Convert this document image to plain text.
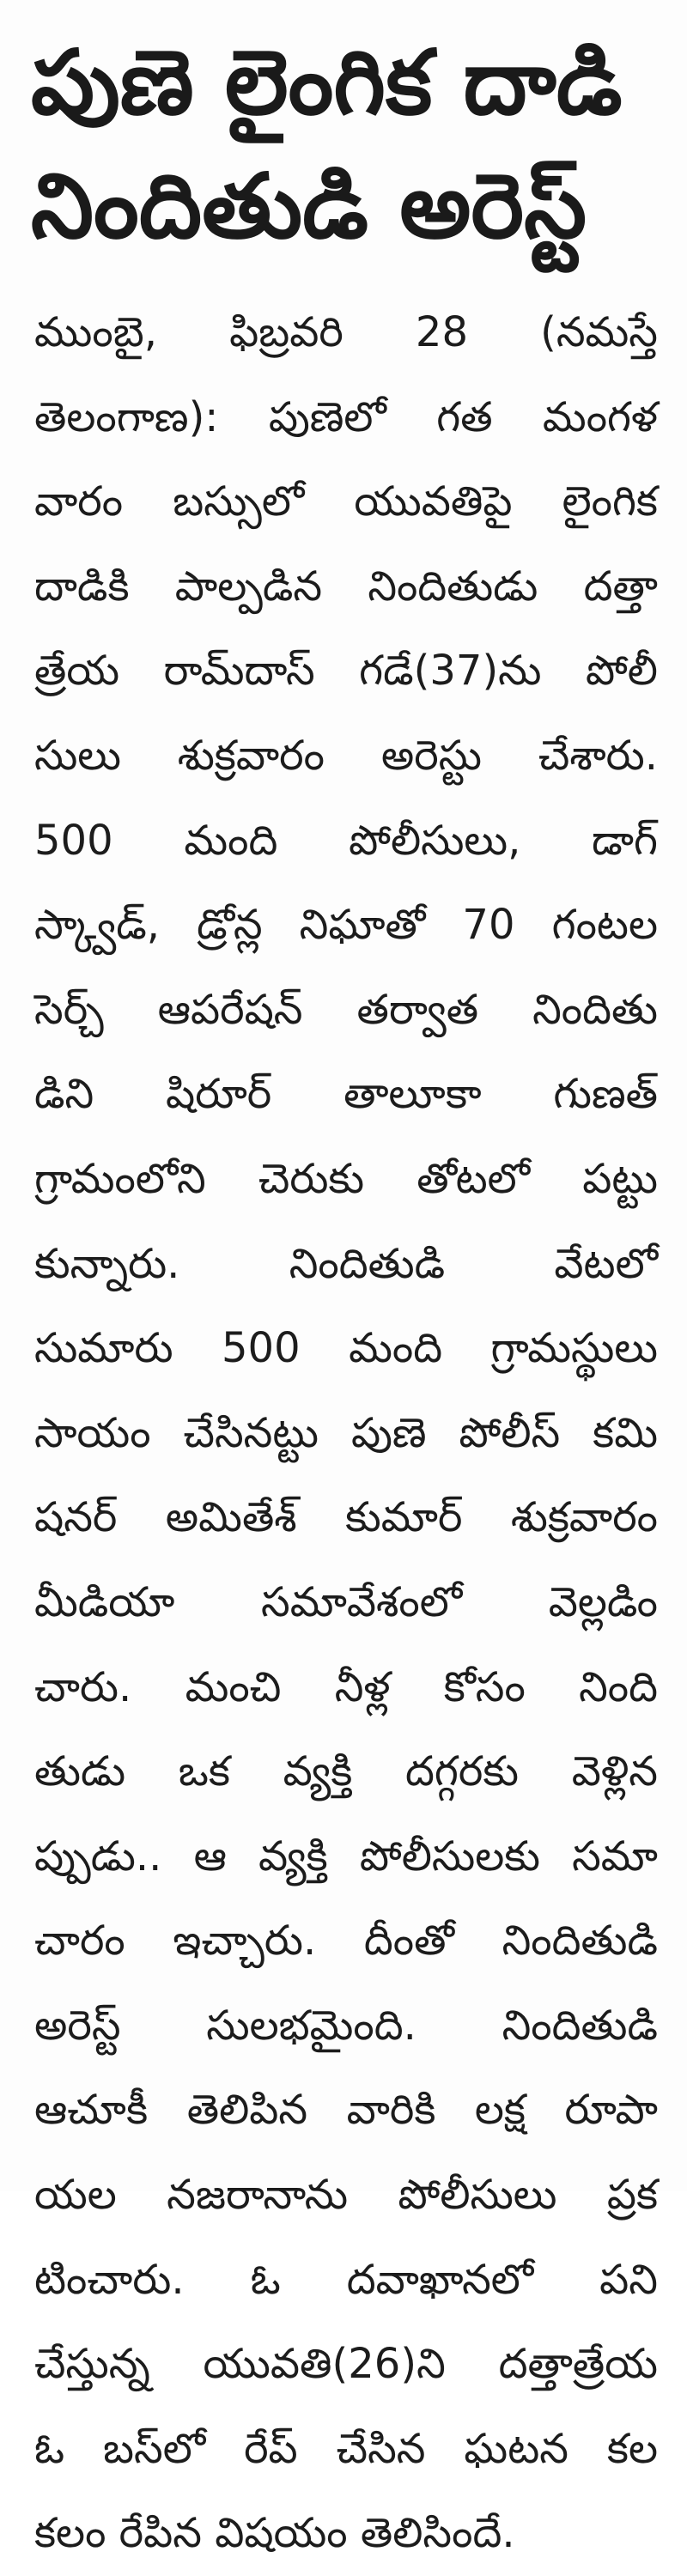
పుణె లైంగిక దాడి
నిందితుడి అరెస్ట్
ముంబై, ఫిబ్రవరి 28 (నమస్తే
తెలంగాణ): పుణెలో గత మంగళ
వారం బస్సులో యువతిపై లైంగిక
దాడికి పాల్పడిన నిందితుడు దత్తా
త్రేయ రామ్‌దాస్ గడే(37)ను పోలీ
సులు శుక్రవారం అరెస్టు చేశారు.
500 మంది పోలీసులు, డాగ్
స్క్వాడ్, డ్రోన్ల నిఘాతో 70 గంటల
సెర్చ్ ఆపరేషన్ తర్వాత నిందితు
డిని షిరూర్ తాలూకా గుణత్
గ్రామంలోని చెరుకు తోటలో పట్టు
కున్నారు. నిందితుడి వేటలో
సుమారు 500 మంది గ్రామస్థులు
సాయం చేసినట్టు పుణె పోలీస్ కమి
షనర్ అమితేశ్ కుమార్ శుక్రవారం
మీడియా సమావేశంలో వెల్లడిం
చారు. మంచి నీళ్ల కోసం నింది
తుడు ఒక వ్యక్తి దగ్గరకు వెళ్లిన
ప్పుడు.. ఆ వ్యక్తి పోలీసులకు సమా
చారం ఇచ్చారు. దీంతో నిందితుడి
అరెస్ట్ సులభమైంది. నిందితుడి
ఆచూకీ తెలిపిన వారికి లక్ష రూపా
యల నజరానాను పోలీసులు ప్రక
టించారు. ఓ దవాఖానలో పని
చేస్తున్న యువతి(26)ని దత్తాత్రేయ
ఓ బస్‌లో రేప్ చేసిన ఘటన కల
కలం రేపిన విషయం తెలిసిందే.
